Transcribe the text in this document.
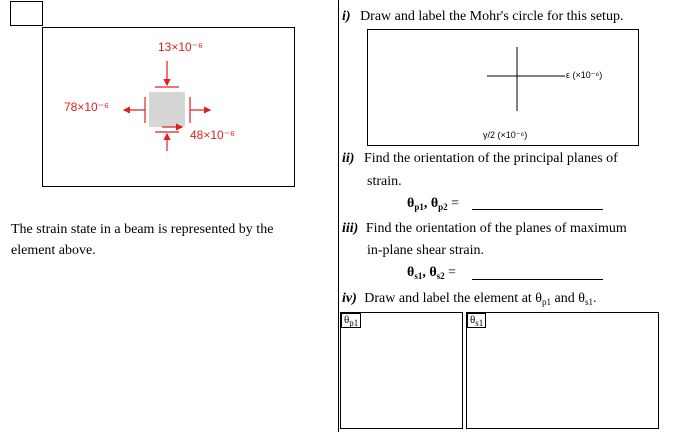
13×10⁻⁶
78×10⁻⁶
48×10⁻⁶
The strain state in a beam is represented by the
element above.
i) Draw and label the Mohr's circle for this setup.
ε (×10⁻⁶)
γ/2 (×10⁻⁶)
ii) Find the orientation of the principal planes of
strain.
$\theta_{p1}$, $\theta_{p2}$ =
iii) Find the orientation of the planes of maximum
in-plane shear strain.
$\theta_{s1}$, $\theta_{s2}$ =
iv) Draw and label the element at $\theta_{p1}$ and $\theta_{s1}$.
$\theta_{p1}$	$\theta_{s1}$
